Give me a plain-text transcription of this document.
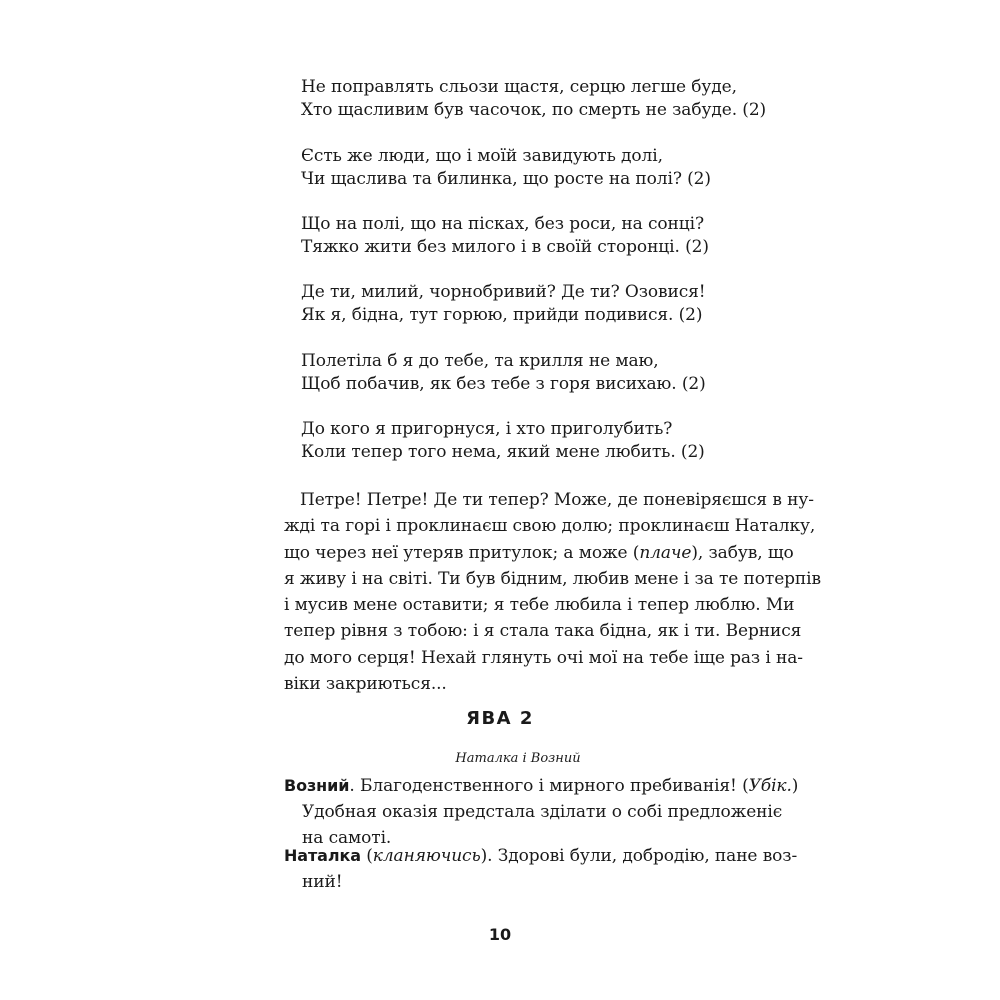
Не поправлять сльози щастя, серцю легше буде,
Хто щасливим був часочок, по смерть не забуде. (2)
Єсть же люди, що і моїй завидують долі,
Чи щаслива та билинка, що росте на полі? (2)
Що на полі, що на пісках, без роси, на сонці?
Тяжко жити без милого і в своїй сторонці. (2)
Де ти, милий, чорнобривий? Де ти? Озовися!
Як я, бідна, тут горюю, прийди подивися. (2)
Полетіла б я до тебе, та крилля не маю,
Щоб побачив, як без тебе з горя висихаю. (2)
До кого я пригорнуся, і хто приголубить?
Коли тепер того нема, який мене любить. (2)
Петре! Петре! Де ти тепер? Може, де поневіряєшся в ну-
жді та горі і проклинаєш свою долю; проклинаєш Наталку,
що через неї утеряв притулок; а може (плаче), забув, що
я живу і на світі. Ти був бідним, любив мене і за те потерпів
і мусив мене оставити; я тебе любила і тепер люблю. Ми
тепер рівня з тобою: і я стала така бідна, як і ти. Вернися
до мого серця! Нехай глянуть очі мої на тебе іще раз і на-
віки закриються...
ЯВА 2
Наталка і Возний
Возний. Благоденственного і мирного пребиванія! (Убік.)
Удобная оказія предстала зділати о собі предложеніє
на самоті.
Наталка (кланяючись). Здорові були, добродію, пане воз-
ний!
10
